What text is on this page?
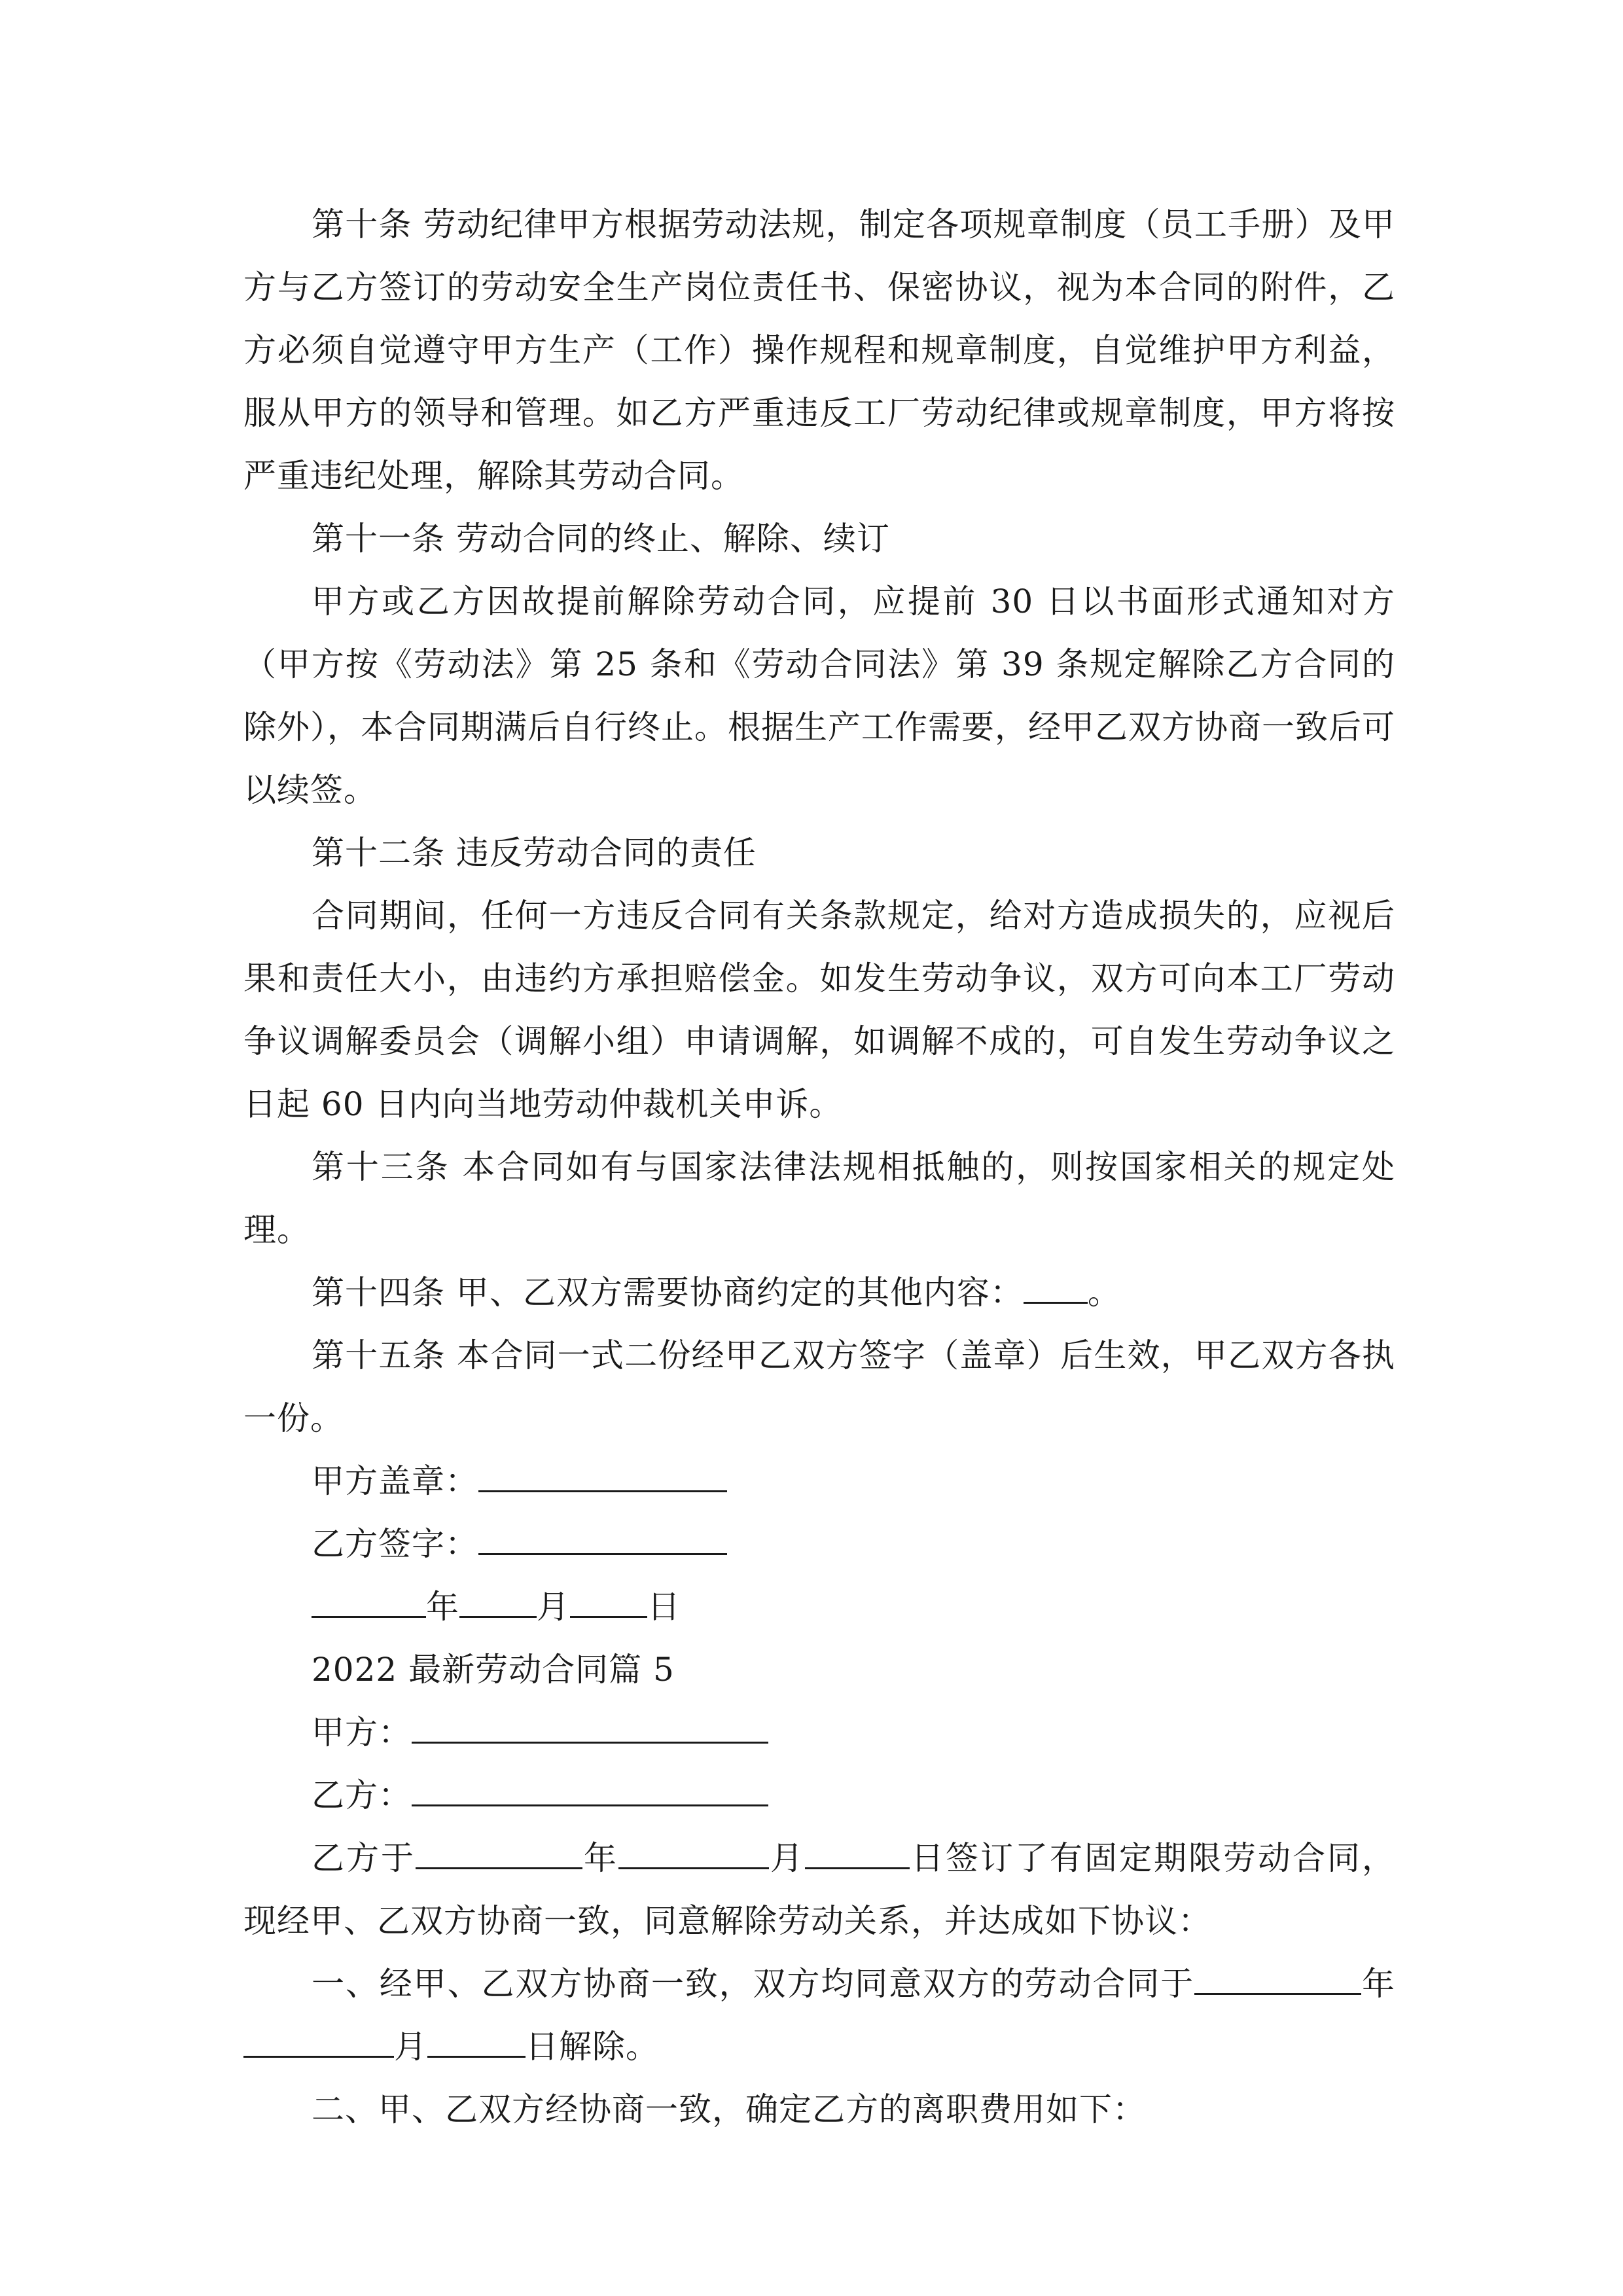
第十条 劳动纪律甲方根据劳动法规，制定各项规章制度（员工手册）及甲方与乙方签订的劳动安全生产岗位责任书、保密协议，视为本合同的附件，乙方必须自觉遵守甲方生产（工作）操作规程和规章制度，自觉维护甲方利益，服从甲方的领导和管理。如乙方严重违反工厂劳动纪律或规章制度，甲方将按严重违纪处理，解除其劳动合同。

第十一条 劳动合同的终止、解除、续订

甲方或乙方因故提前解除劳动合同，应提前 30 日以书面形式通知对方（甲方按《劳动法》第 25 条和《劳动合同法》第 39 条规定解除乙方合同的除外），本合同期满后自行终止。根据生产工作需要，经甲乙双方协商一致后可以续签。

第十二条 违反劳动合同的责任

合同期间，任何一方违反合同有关条款规定，给对方造成损失的，应视后果和责任大小，由违约方承担赔偿金。如发生劳动争议，双方可向本工厂劳动争议调解委员会（调解小组）申请调解，如调解不成的，可自发生劳动争议之日起 60 日内向当地劳动仲裁机关申诉。

第十三条 本合同如有与国家法律法规相抵触的，则按国家相关的规定处理。

第十四条 甲、乙双方需要协商约定的其他内容： 。

第十五条 本合同一式二份经甲乙双方签字（盖章）后生效，甲乙双方各执一份。

甲方盖章：

乙方签字：

年 月 日

2022 最新劳动合同篇 5

甲方：

乙方：

乙方于	年	月	日签订了有固定期限劳动合同，现经甲、乙双方协商一致，同意解除劳动关系，并达成如下协议：

一、经甲、乙双方协商一致，双方均同意双方的劳动合同于	年月	日解除。

二、甲、乙双方经协商一致，确定乙方的离职费用如下：
